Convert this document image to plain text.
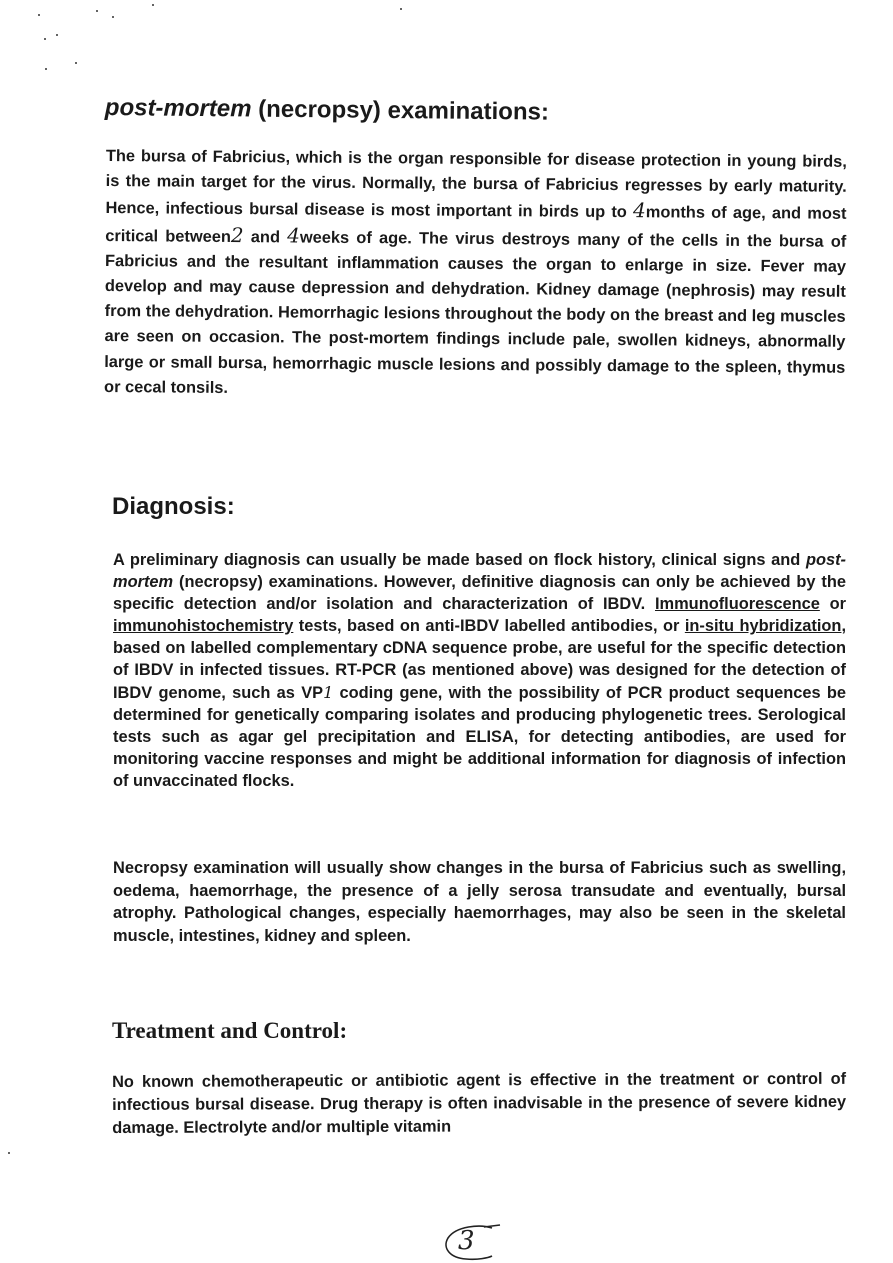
post-mortem (necropsy) examinations:

The bursa of Fabricius, which is the organ responsible for disease protection in young birds, is the main target for the virus. Normally, the bursa of Fabricius regresses by early maturity. Hence, infectious bursal disease is most important in birds up to 4months of age, and most critical between2 and 4weeks of age. The virus destroys many of the cells in the bursa of Fabricius and the resultant inflammation causes the organ to enlarge in size. Fever may develop and may cause depression and dehydration. Kidney damage (nephrosis) may result from the dehydration. Hemorrhagic lesions throughout the body on the breast and leg muscles are seen on occasion. The post-mortem findings include pale, swollen kidneys, abnormally large or small bursa, hemorrhagic muscle lesions and possibly damage to the spleen, thymus or cecal tonsils.

Diagnosis:

A preliminary diagnosis can usually be made based on flock history, clinical signs and post-mortem (necropsy) examinations. However, definitive diagnosis can only be achieved by the specific detection and/or isolation and characterization of IBDV. Immunofluorescence or immunohistochemistry tests, based on anti-IBDV labelled antibodies, or in-situ hybridization, based on labelled complementary cDNA sequence probe, are useful for the specific detection of IBDV in infected tissues. RT-PCR (as mentioned above) was designed for the detection of IBDV genome, such as VP1 coding gene, with the possibility of PCR product sequences be determined for genetically comparing isolates and producing phylogenetic trees. Serological tests such as agar gel precipitation and ELISA, for detecting antibodies, are used for monitoring vaccine responses and might be additional information for diagnosis of infection of unvaccinated flocks.

Necropsy examination will usually show changes in the bursa of Fabricius such as swelling, oedema, haemorrhage, the presence of a jelly serosa transudate and eventually, bursal atrophy. Pathological changes, especially haemorrhages, may also be seen in the skeletal muscle, intestines, kidney and spleen.

Treatment and Control:

No known chemotherapeutic or antibiotic agent is effective in the treatment or control of infectious bursal disease. Drug therapy is often inadvisable in the presence of severe kidney damage. Electrolyte and/or multiple vitamin

3
